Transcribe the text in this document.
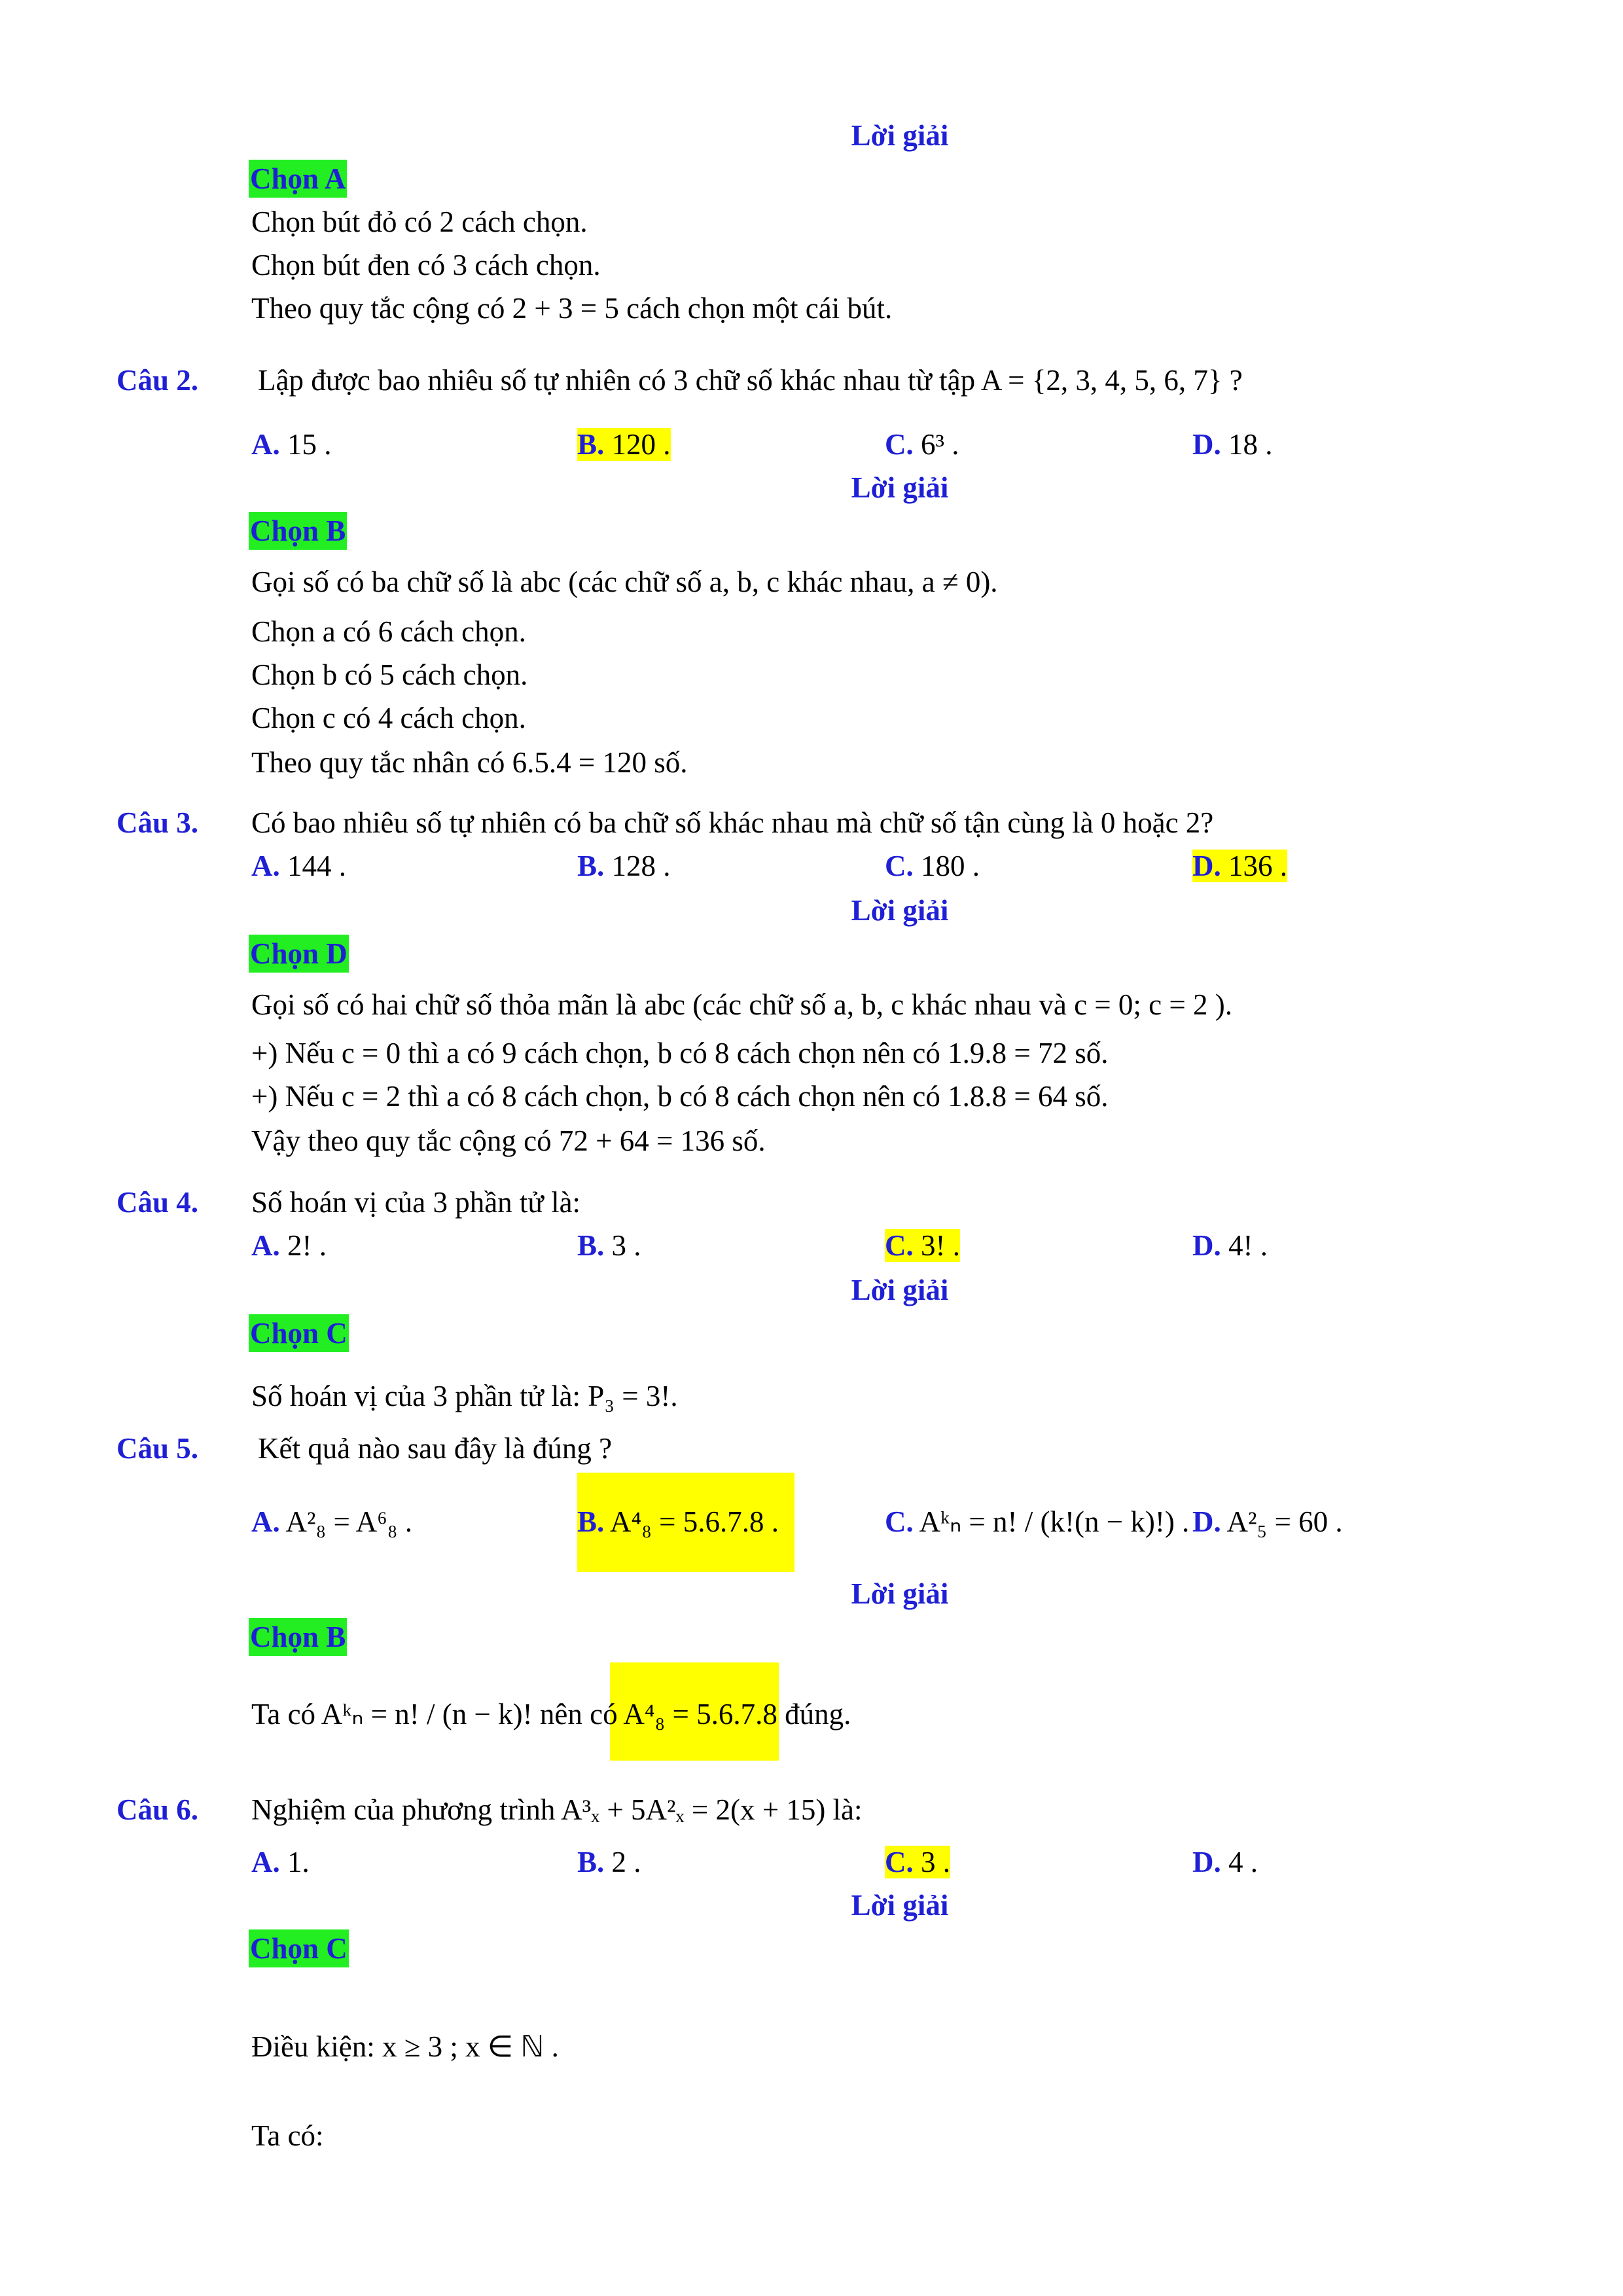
Lời giải
Chọn A
Chọn bút đỏ có 2 cách chọn.
Chọn bút đen có 3 cách chọn.
Theo quy tắc cộng có 2 + 3 = 5 cách chọn một cái bút.
Câu 2. Lập được bao nhiêu số tự nhiên có 3 chữ số khác nhau từ tập A = {2, 3, 4, 5, 6, 7} ?
A. 15 .	B. 120 .	C. 6³ .	D. 18 .
Lời giải
Chọn B
Gọi số có ba chữ số là abc (các chữ số a, b, c khác nhau, a ≠ 0).
Chọn a có 6 cách chọn.
Chọn b có 5 cách chọn.
Chọn c có 4 cách chọn.
Theo quy tắc nhân có 6.5.4 = 120 số.
Câu 3. Có bao nhiêu số tự nhiên có ba chữ số khác nhau mà chữ số tận cùng là 0 hoặc 2?
A. 144 .	B. 128 .	C. 180 .	D. 136 .
Lời giải
Chọn D
Gọi số có hai chữ số thỏa mãn là abc (các chữ số a, b, c khác nhau và c = 0; c = 2 ).
+) Nếu c = 0 thì a có 9 cách chọn, b có 8 cách chọn nên có 1.9.8 = 72 số.
+) Nếu c = 2 thì a có 8 cách chọn, b có 8 cách chọn nên có 1.8.8 = 64 số.
Vậy theo quy tắc cộng có 72 + 64 = 136 số.
Câu 4. Số hoán vị của 3 phần tử là:
A. 2! .	B. 3 .	C. 3! .	D. 4! .
Lời giải
Chọn C
Số hoán vị của 3 phần tử là: P₃ = 3!.
Câu 5. Kết quả nào sau đây là đúng ?
A. A²₈ = A⁶₈ .	B. A⁴₈ = 5.6.7.8 .	C. Aᵏₙ = n! / (k!(n − k)!) . D. A²₅ = 60 .
Lời giải
Chọn B
Ta có Aᵏₙ = n! / (n − k)! nên có A⁴₈ = 5.6.7.8 đúng.
Câu 6. Nghiệm của phương trình A³ₓ + 5A²ₓ = 2(x + 15) là:
A. 1.	B. 2 .	C. 3 .	D. 4 .
Lời giải
Chọn C
Điều kiện: x ≥ 3 ; x ∈ ℕ .
Ta có:
